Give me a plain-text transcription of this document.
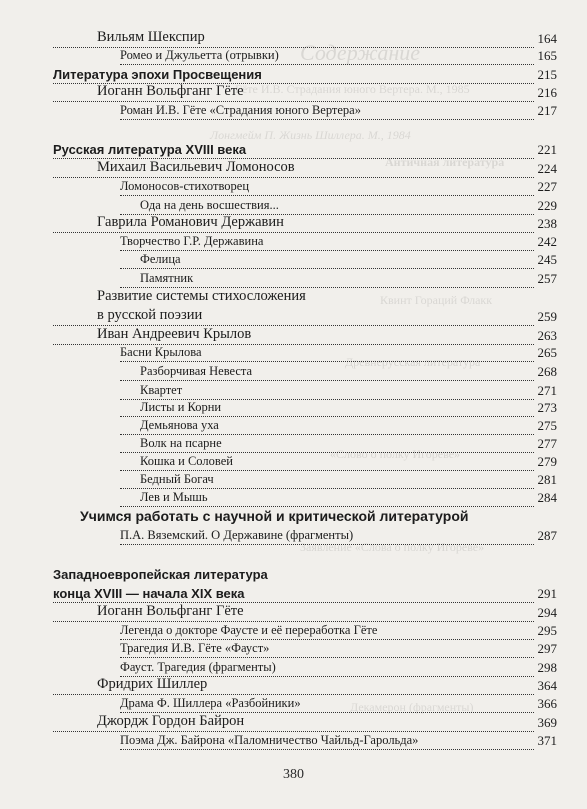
Содержание
Гёте И.В. Страдания юного Вертера. М., 1985
Лонгмейм П. Жизнь Шиллера. М., 1984
Античная литература
Квинт Гораций Флакк
Древнерусская литература
«Слово о полку Игореве»
Заявление «Слова о полку Игореве»
Декамерон (фрагменты)
Вильям Шекспир	164
Ромео и Джульетта (отрывки)	165
Литература эпохи Просвещения	215
Иоганн Вольфганг Гёте	216
Роман И.В. Гёте «Страдания юного Вертера»	217
Русская литература XVIII века	221
Михаил Васильевич Ломоносов	224
Ломоносов-стихотворец	227
Ода на день восшествия...	229
Гаврила Романович Державин	238
Творчество Г.Р. Державина	242
Фелица	245
Памятник	257
Развитие системы стихосложения
в русской поэзии	259
Иван Андреевич Крылов	263
Басни Крылова	265
Разборчивая Невеста	268
Квартет	271
Листы и Корни	273
Демьянова уха	275
Волк на псарне	277
Кошка и Соловей	279
Бедный Богач	281
Лев и Мышь	284
Учимся работать с научной и критической литературой
П.А. Вяземский. О Державине (фрагменты)	287
Западноевропейская литература
конца XVIII — начала XIX века	291
Иоганн Вольфганг Гёте	294
Легенда о докторе Фаусте и её переработка Гёте	295
Трагедия И.В. Гёте «Фауст»	297
Фауст. Трагедия (фрагменты)	298
Фридрих Шиллер	364
Драма Ф. Шиллера «Разбойники»	366
Джордж Гордон Байрон	369
Поэма Дж. Байрона «Паломничество Чайльд-Гарольда»	371
380
